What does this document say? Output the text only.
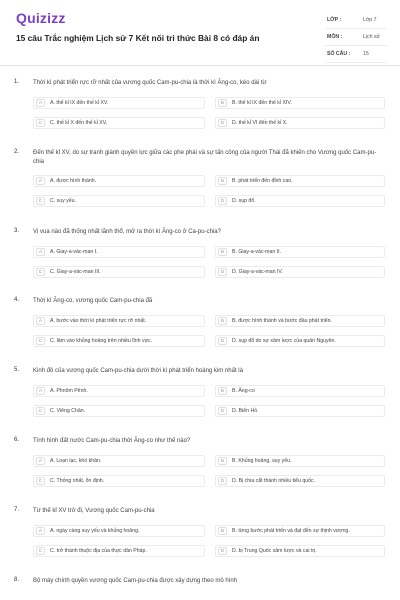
Quizizz
15 câu Trắc nghiệm Lịch sử 7 Kết nối tri thức Bài 8 có đáp án
LỚP :	Lớp 7
MÔN :	Lịch sử
SỐ CÂU : 15
1. Thời kì phát triển rực rỡ nhất của vương quốc Cam-pu-chia là thời kì Ăng-co, kéo dài từ
A	A. thế kỉ IX đến thế kỉ XV.	B	B. thế kỉ IX đến thế kỉ XIV.
C	C. thế kỉ X đến thế kỉ XV.	D	D. thế kỉ VI đến thế kỉ X.
2. Đến thế kỉ XV, do sự tranh giành quyền lực giữa các phe phái và sự tấn công của người Thái đã khiến cho Vương quốc Cam-pu-chia
A	A. được hình thành.	B	B. phát triển đến đỉnh cao.
C	C. suy yếu.	D	D. sụp đổ.
3. Vị vua nào đã thống nhất lãnh thổ, mở ra thời kì Ăng-co ở Ca-pu-chia?
A	A. Giay-a-vác-man I.	B	B. Giay-a-vác-man II.
C	C. Giay-a-vác-man III.	D	D. Giay-a-vác-man IV.
4. Thời kì Ăng-co, vương quốc Cam-pu-chia đã
A	A. bước vào thời kì phát triển rực rỡ nhất.	B	B. được hình thành và bước đầu phát triển.
C	C. lâm vào khủng hoảng trên nhiều lĩnh vực.	D	D. sụp đổ do sự xâm lược của quân Nguyên.
5. Kinh đô của vương quốc Cam-pu-chia dưới thời kì phát triển hoàng kim nhất là
A	A. Phnôm Pênh.	B	B. Ăng-co
C	C. Viêng Chăn.	D	D. Biển Hồ.
6. Tình hình đất nước Cam-pu-chia thời Ăng-co như thế nào?
A	A. Loạn lạc, khó khăn.	B	B. Khủng hoảng, suy yếu.
C	C. Thống nhất, ổn định.	D	D. Bị chia cắt thành nhiều tiểu quốc.
7. Từ thế kỉ XV trở đi, Vương quốc Cam-pu-chia
A	A. ngày càng suy yếu và khủng hoảng.	B	B. từng bước phát triển và đạt đến sự thịnh vượng.
C	C. trở thành thuộc địa của thực dân Pháp.	D	D. bị Trung Quốc xâm lược và cai trị.
8. Bộ máy chính quyền vương quốc Cam-pu-chia được xây dựng theo mô hình
